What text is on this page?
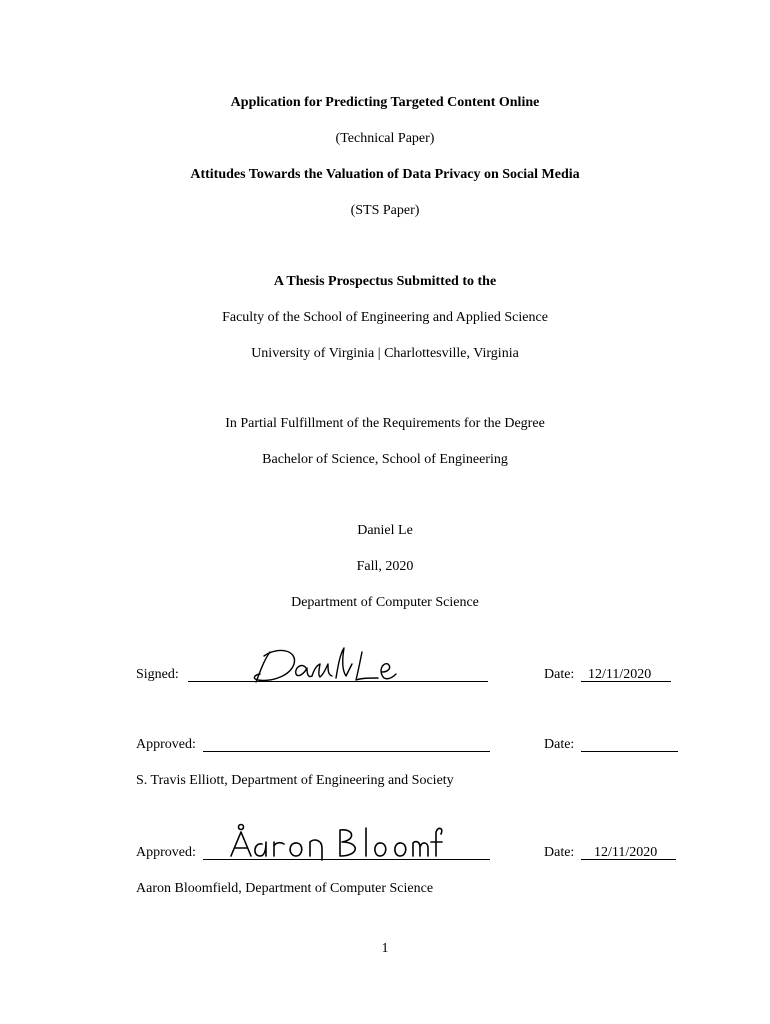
Application for Predicting Targeted Content Online
(Technical Paper)
Attitudes Towards the Valuation of Data Privacy on Social Media
(STS Paper)
A Thesis Prospectus Submitted to the
Faculty of the School of Engineering and Applied Science
University of Virginia | Charlottesville, Virginia
In Partial Fulfillment of the Requirements for the Degree
Bachelor of Science, School of Engineering
Daniel Le
Fall, 2020
Department of Computer Science
Signed:	Date: 12/11/2020
Approved:	Date:
S. Travis Elliott, Department of Engineering and Society
Approved:	Date: 12/11/2020
Aaron Bloomfield, Department of Computer Science
1
